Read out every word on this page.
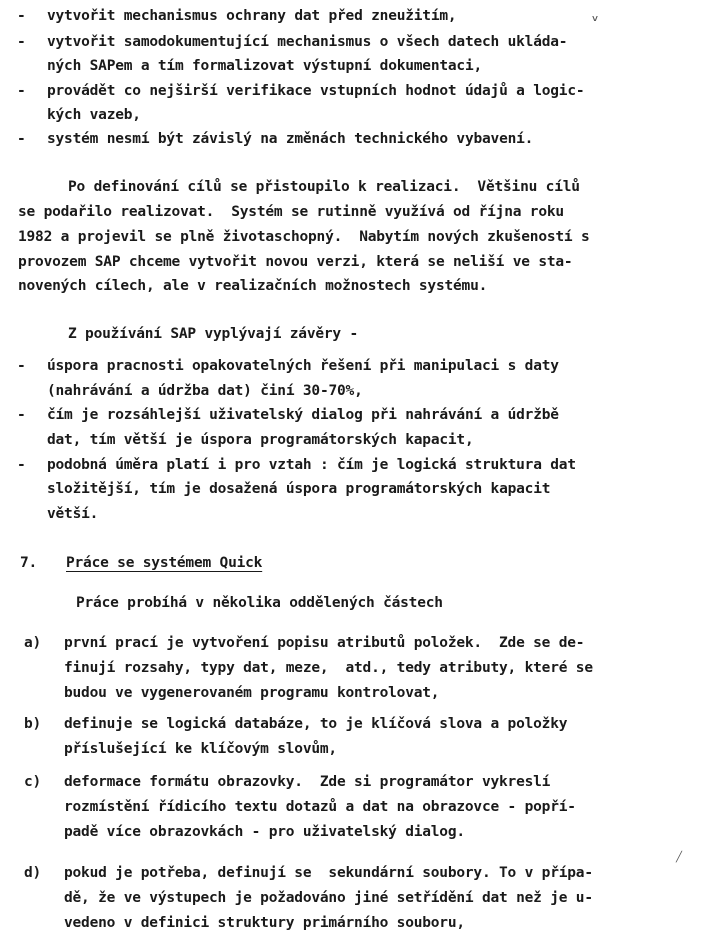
- vytvořit mechanismus ochrany dat před zneužitím,
- vytvořit samodokumentující mechanismus o všech datech ukláda-
ných SAPem a tím formalizovat výstupní dokumentaci,
- provádět co nejširší verifikace vstupních hodnot údajů a logic-
kých vazeb,
- systém nesmí být závislý na změnách technického vybavení.
Po definování cílů se přistoupilo k realizaci.  Většinu cílů
se podařilo realizovat.  Systém se rutinně využívá od října roku
1982 a projevil se plně životaschopný.  Nabytím nových zkušeností s
provozem SAP chceme vytvořit novou verzi, která se neliší ve sta-
novených cílech, ale v realizačních možnostech systému.
Z používání SAP vyplývají závěry -
- úspora pracnosti opakovatelných řešení při manipulaci s daty
(nahrávání a údržba dat) činí 30-70%,
- čím je rozsáhlejší uživatelský dialog při nahrávání a údržbě
dat, tím větší je úspora programátorských kapacit,
- podobná úměra platí i pro vztah : čím je logická struktura dat
složitější, tím je dosažená úspora programátorských kapacit
větší.
7. Práce se systémem Quick
Práce probíhá v několika oddělených částech
a) první prací je vytvoření popisu atributů položek.  Zde se de-
finují rozsahy, typy dat, meze,  atd., tedy atributy, které se
budou ve vygenerovaném programu kontrolovat,
b) definuje se logická databáze, to je klíčová slova a položky
příslušející ke klíčovým slovům,
c) deformace formátu obrazovky.  Zde si programátor vykreslí
rozmístění řídicího textu dotazů a dat na obrazovce - popří-
padě více obrazovkách - pro uživatelský dialog.
d) pokud je potřeba, definují se  sekundární soubory. To v přípa-
dě, že ve výstupech je požadováno jiné setřídění dat než je u-
vedeno v definici struktury primárního souboru,
˅
╱
